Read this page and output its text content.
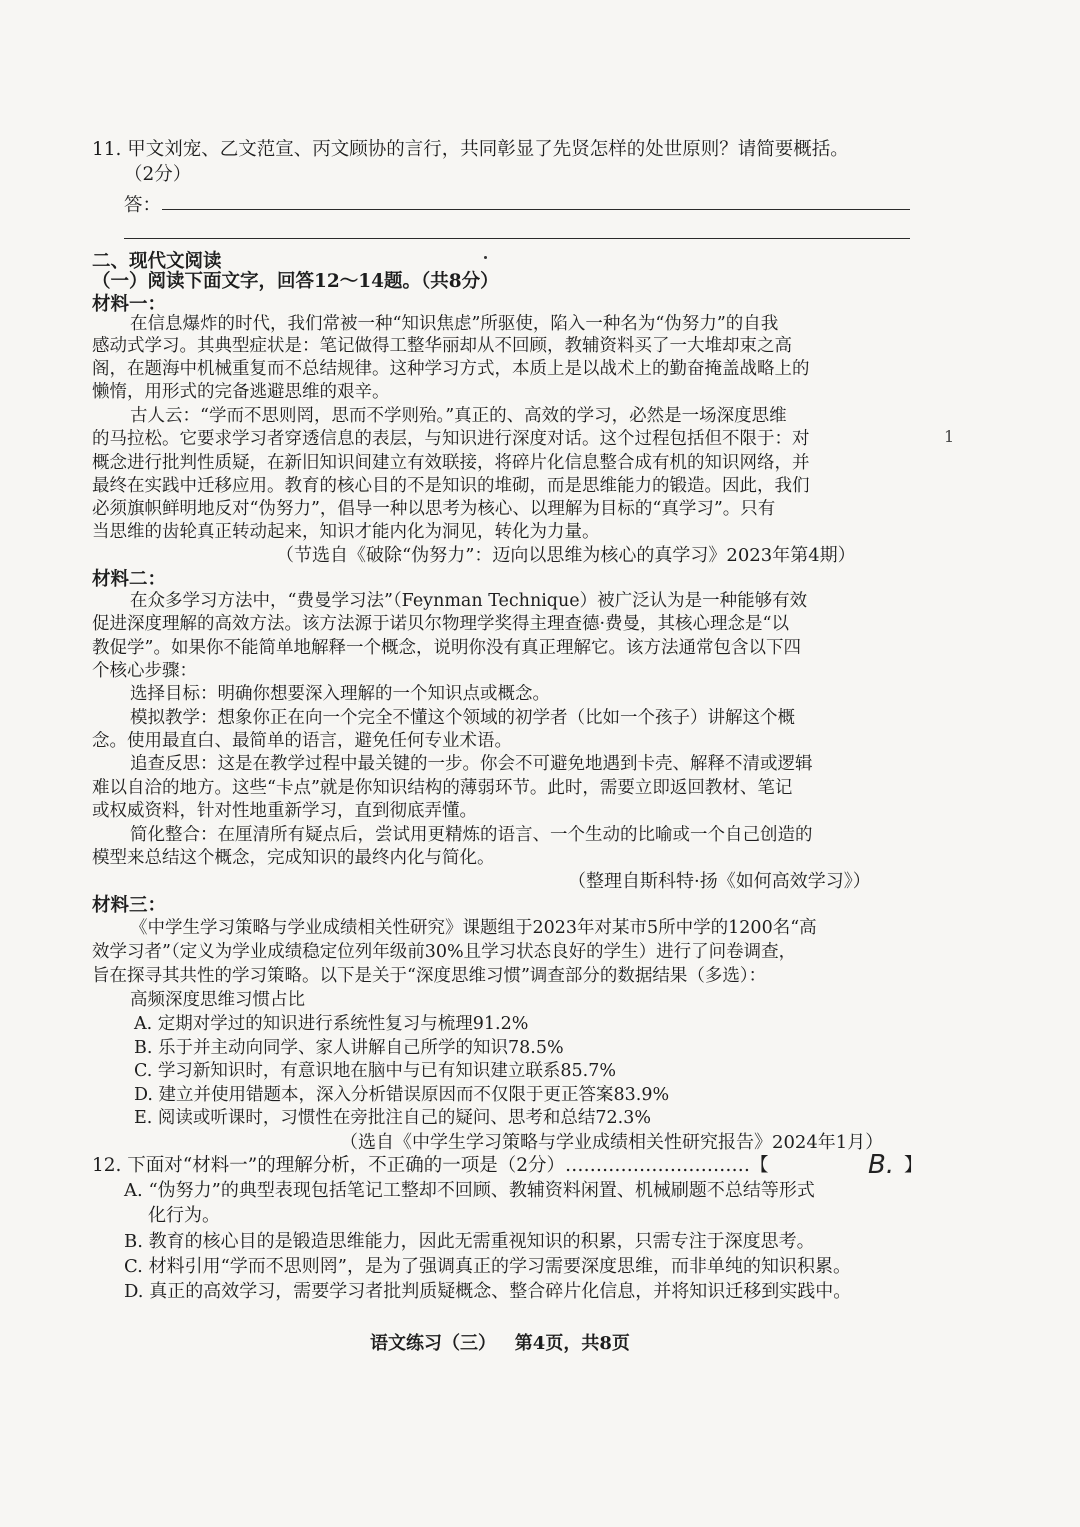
11. 甲文刘宠、乙文范宣、丙文顾协的言行，共同彰显了先贤怎样的处世原则？请简要概括。
（2分）
答：
二、现代文阅读
（一）阅读下面文字，回答12～14题。（共8分）
材料一：
在信息爆炸的时代，我们常被一种“知识焦虑”所驱使，陷入一种名为“伪努力”的自我
感动式学习。其典型症状是：笔记做得工整华丽却从不回顾，教辅资料买了一大堆却束之高
阁，在题海中机械重复而不总结规律。这种学习方式，本质上是以战术上的勤奋掩盖战略上的
懒惰，用形式的完备逃避思维的艰辛。
古人云：“学而不思则罔，思而不学则殆。”真正的、高效的学习，必然是一场深度思维
的马拉松。它要求学习者穿透信息的表层，与知识进行深度对话。这个过程包括但不限于：对
概念进行批判性质疑，在新旧知识间建立有效联接，将碎片化信息整合成有机的知识网络，并
最终在实践中迁移应用。教育的核心目的不是知识的堆砌，而是思维能力的锻造。因此，我们
必须旗帜鲜明地反对“伪努力”，倡导一种以思考为核心、以理解为目标的“真学习”。只有
当思维的齿轮真正转动起来，知识才能内化为洞见，转化为力量。
（节选自《破除“伪努力”：迈向以思维为核心的真学习》2023年第4期）
1
材料二：
在众多学习方法中，“费曼学习法”（Feynman Technique）被广泛认为是一种能够有效
促进深度理解的高效方法。该方法源于诺贝尔物理学奖得主理查德·费曼，其核心理念是“以
教促学”。如果你不能简单地解释一个概念，说明你没有真正理解它。该方法通常包含以下四
个核心步骤：
选择目标：明确你想要深入理解的一个知识点或概念。
模拟教学：想象你正在向一个完全不懂这个领域的初学者（比如一个孩子）讲解这个概
念。使用最直白、最简单的语言，避免任何专业术语。
追查反思：这是在教学过程中最关键的一步。你会不可避免地遇到卡壳、解释不清或逻辑
难以自洽的地方。这些“卡点”就是你知识结构的薄弱环节。此时，需要立即返回教材、笔记
或权威资料，针对性地重新学习，直到彻底弄懂。
简化整合：在厘清所有疑点后，尝试用更精炼的语言、一个生动的比喻或一个自己创造的
模型来总结这个概念，完成知识的最终内化与简化。
（整理自斯科特·扬《如何高效学习》）
材料三：
《中学生学习策略与学业成绩相关性研究》课题组于2023年对某市5所中学的1200名“高
效学习者”（定义为学业成绩稳定位列年级前30%且学习状态良好的学生）进行了问卷调查，
旨在探寻其共性的学习策略。以下是关于“深度思维习惯”调查部分的数据结果（多选）：
高频深度思维习惯占比
A. 定期对学过的知识进行系统性复习与梳理91.2%
B. 乐于并主动向同学、家人讲解自己所学的知识78.5%
C. 学习新知识时，有意识地在脑中与已有知识建立联系85.7%
D. 建立并使用错题本，深入分析错误原因而不仅限于更正答案83.9%
E. 阅读或听课时，习惯性在旁批注自己的疑问、思考和总结72.3%
（选自《中学生学习策略与学业成绩相关性研究报告》2024年1月）
12. 下面对“材料一”的理解分析，不正确的一项是（2分）…………………………【	B. 】
A. “伪努力”的典型表现包括笔记工整却不回顾、教辅资料闲置、机械刷题不总结等形式
化行为。
B. 教育的核心目的是锻造思维能力，因此无需重视知识的积累，只需专注于深度思考。
C. 材料引用“学而不思则罔”，是为了强调真正的学习需要深度思维，而非单纯的知识积累。
D. 真正的高效学习，需要学习者批判质疑概念、整合碎片化信息，并将知识迁移到实践中。
语文练习（三）   第4页，共8页
